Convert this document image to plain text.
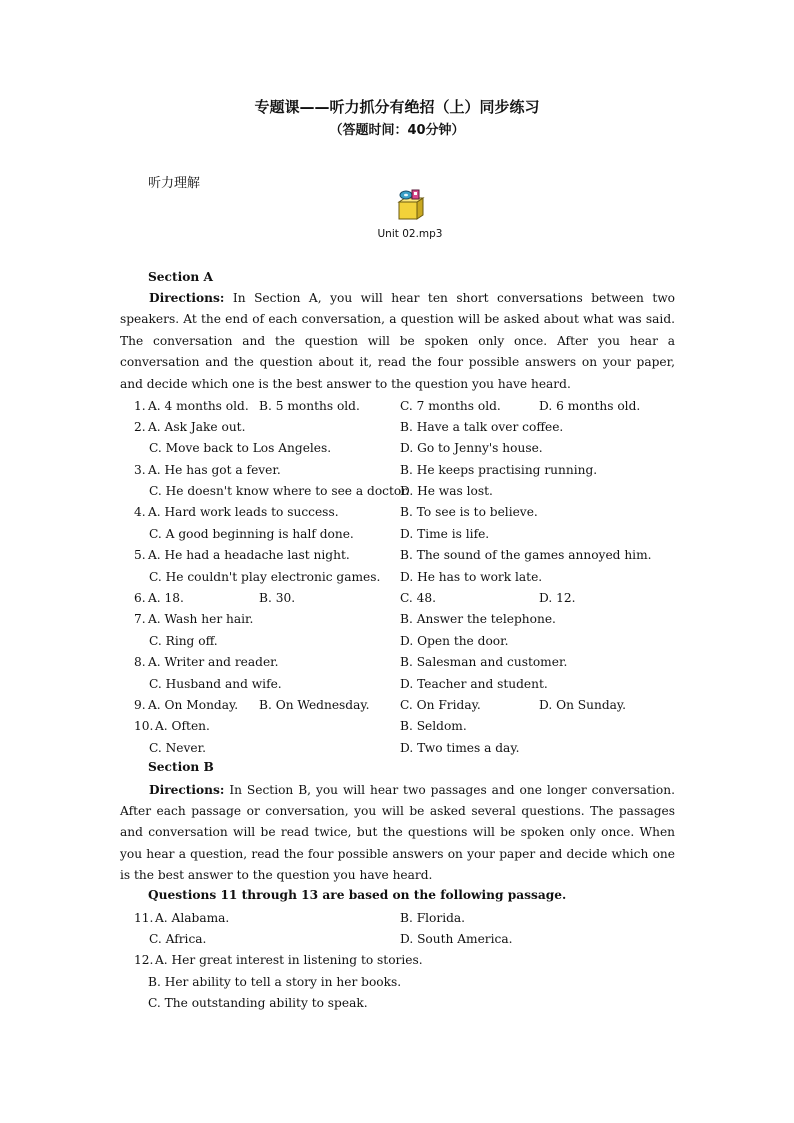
专题课——听力抓分有绝招（上）同步练习
（答题时间：40分钟）
听力理解
Unit 02.mp3
Section A
Directions: In Section A, you will hear ten short conversations between two speakers. At the end of each conversation, a question will be asked about what was said. The conversation and the question will be spoken only once. After you hear a conversation and the question about it, read the four possible answers on your paper, and decide which one is the best answer to the question you have heard.
1. A. 4 months old. B. 5 months old.	C. 7 months old.	D. 6 months old.
2. A. Ask Jake out.	B. Have a talk over coffee.
C. Move back to Los Angeles.	D. Go to Jenny's house.
3. A. He has got a fever.	B. He keeps practising running.
C. He doesn't know where to see a doctor.
D. He was lost.
4. A. Hard work leads to success.	B. To see is to believe.
C. A good beginning is half done.	D. Time is life.
5. A. He had a headache last night.	B. The sound of the games annoyed him.
C. He couldn't play electronic games. D. He has to work late.
6. A. 18.	B. 30.	C. 48.	D. 12.
7. A. Wash her hair.	B. Answer the telephone.
C. Ring off.	D. Open the door.
8. A. Writer and reader.	B. Salesman and customer.
C. Husband and wife.	D. Teacher and student.
9. A. On Monday. B. On Wednesday.	C. On Friday.	D. On Sunday.
10. A. Often.	B. Seldom.
C. Never.	D. Two times a day.
Section B
Directions: In Section B, you will hear two passages and one longer conversation. After each passage or conversation, you will be asked several questions. The passages and conversation will be read twice, but the questions will be spoken only once. When you hear a question, read the four possible answers on your paper and decide which one is the best answer to the question you have heard.
Questions 11 through 13 are based on the following passage.
11. A. Alabama.	B. Florida.
C. Africa.	D. South America.
12. A. Her great interest in listening to stories.
B. Her ability to tell a story in her books.
C. The outstanding ability to speak.
